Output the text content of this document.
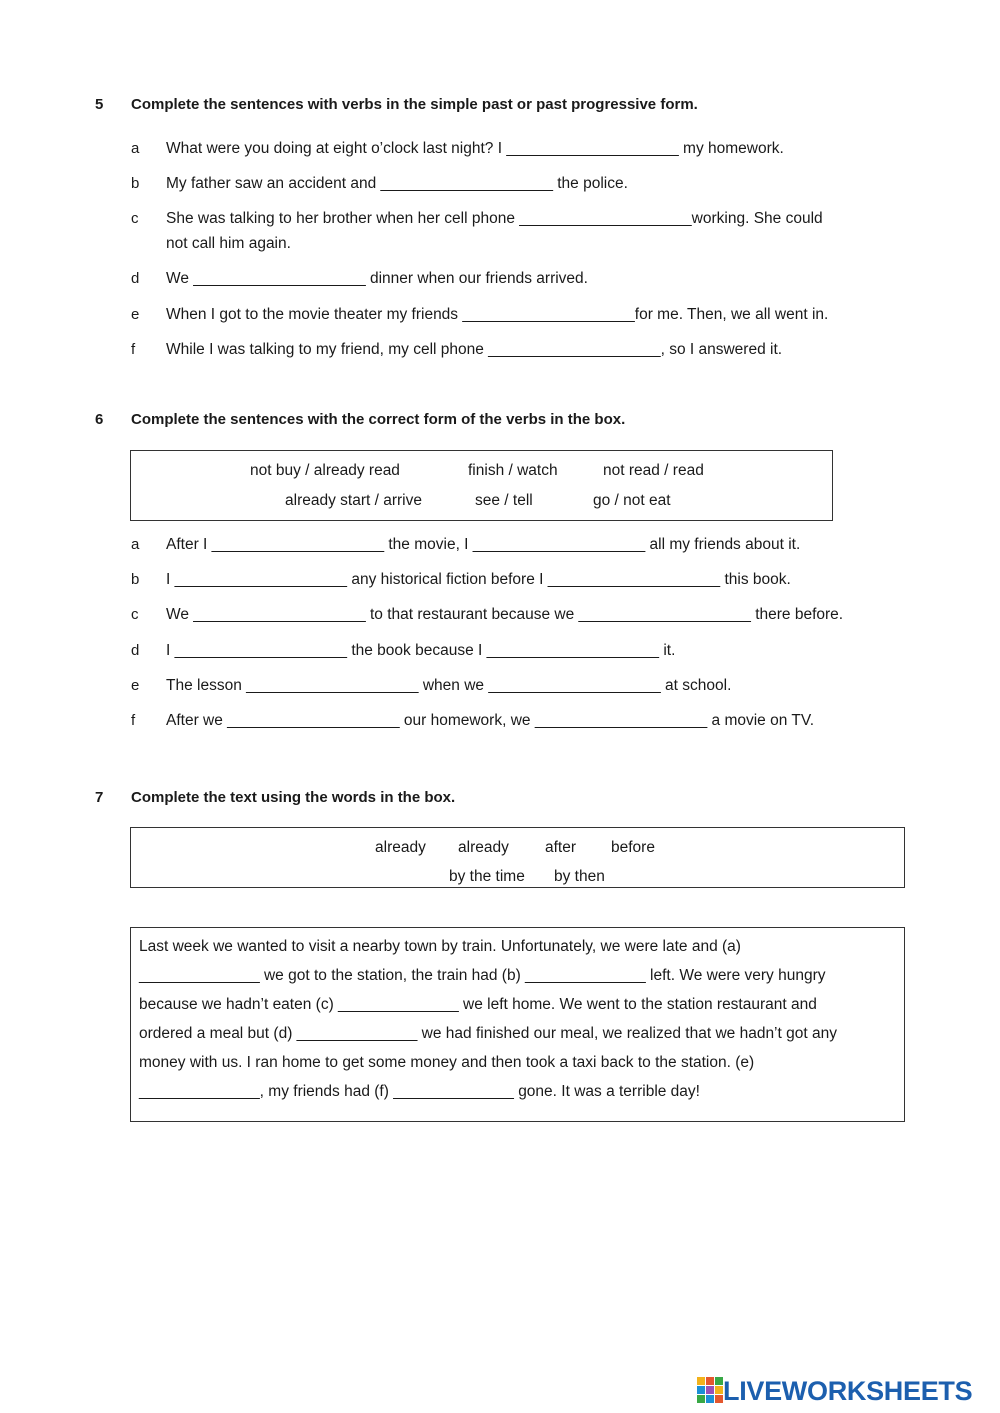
5 Complete the sentences with verbs in the simple past or past progressive form.
a What were you doing at eight o’clock last night? I ____________________ my homework.
b My father saw an accident and ____________________ the police.
c She was talking to her brother when her cell phone ____________________working. She could
not call him again.
d We ____________________ dinner when our friends arrived.
e When I got to the movie theater my friends ____________________for me. Then, we all went in.
f While I was talking to my friend, my cell phone ____________________, so I answered it.
6 Complete the sentences with the correct form of the verbs in the box.
not buy / already read	finish / watch	not read / read
already start / arrive	see / tell	go / not eat
a After I ____________________ the movie, I ____________________ all my friends about it.
b I ____________________ any historical fiction before I ____________________ this book.
c We ____________________ to that restaurant because we ____________________ there before.
d I ____________________ the book because I ____________________ it.
e The lesson ____________________ when we ____________________ at school.
f After we ____________________ our homework, we ____________________ a movie on TV.
7 Complete the text using the words in the box.
already already after before
by the time by then
Last week we wanted to visit a nearby town by train. Unfortunately, we were late and (a)
______________ we got to the station, the train had (b) ______________ left. We were very hungry
because we hadn’t eaten (c) ______________ we left home. We went to the station restaurant and
ordered a meal but (d) ______________ we had finished our meal, we realized that we hadn’t got any
money with us. I ran home to get some money and then took a taxi back to the station. (e)
______________, my friends had (f) ______________ gone. It was a terrible day!
LIVEWORKSHEETS
